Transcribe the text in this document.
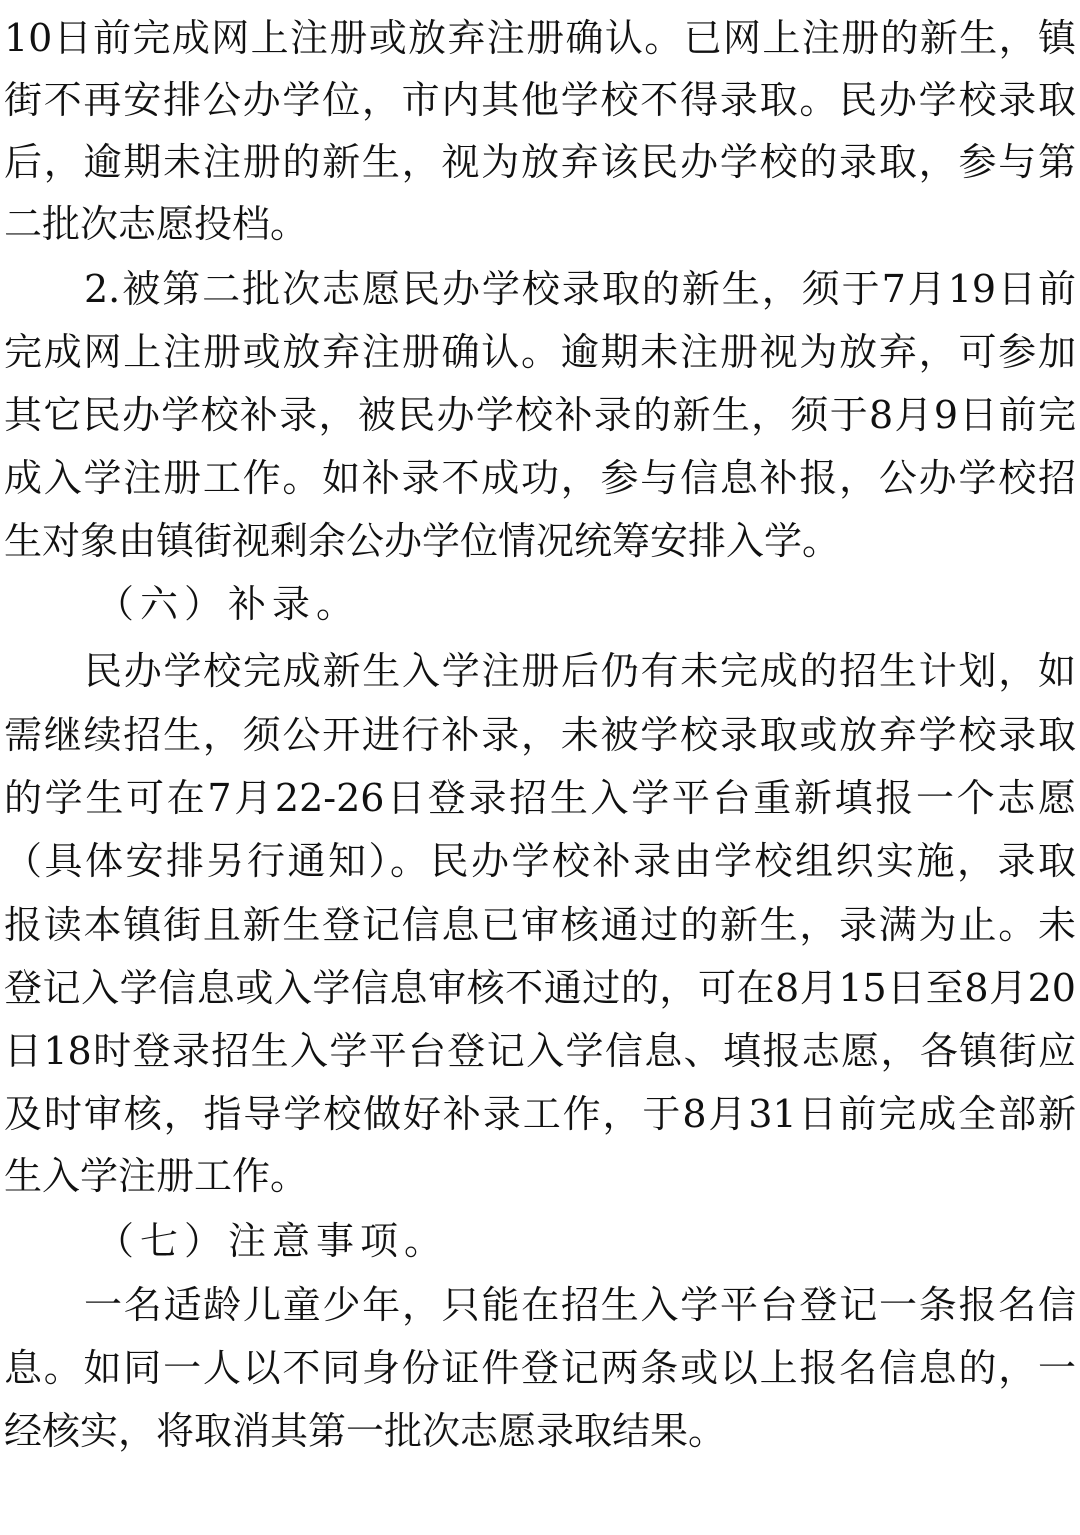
10日前完成网上注册或放弃注册确认。已网上注册的新生，镇
街不再安排公办学位，市内其他学校不得录取。民办学校录取
后，逾期未注册的新生，视为放弃该民办学校的录取，参与第
二批次志愿投档。
2.被第二批次志愿民办学校录取的新生，须于7月19日前
完成网上注册或放弃注册确认。逾期未注册视为放弃，可参加
其它民办学校补录，被民办学校补录的新生，须于8月9日前完
成入学注册工作。如补录不成功，参与信息补报，公办学校招
生对象由镇街视剩余公办学位情况统筹安排入学。
（六）补录。
民办学校完成新生入学注册后仍有未完成的招生计划，如
需继续招生，须公开进行补录，未被学校录取或放弃学校录取
的学生可在7月22-26日登录招生入学平台重新填报一个志愿
（具体安排另行通知）。民办学校补录由学校组织实施，录取
报读本镇街且新生登记信息已审核通过的新生，录满为止。未
登记入学信息或入学信息审核不通过的，可在8月15日至8月20
日18时登录招生入学平台登记入学信息、填报志愿，各镇街应
及时审核，指导学校做好补录工作，于8月31日前完成全部新
生入学注册工作。
（七）注意事项。
一名适龄儿童少年，只能在招生入学平台登记一条报名信
息。如同一人以不同身份证件登记两条或以上报名信息的，一
经核实，将取消其第一批次志愿录取结果。
